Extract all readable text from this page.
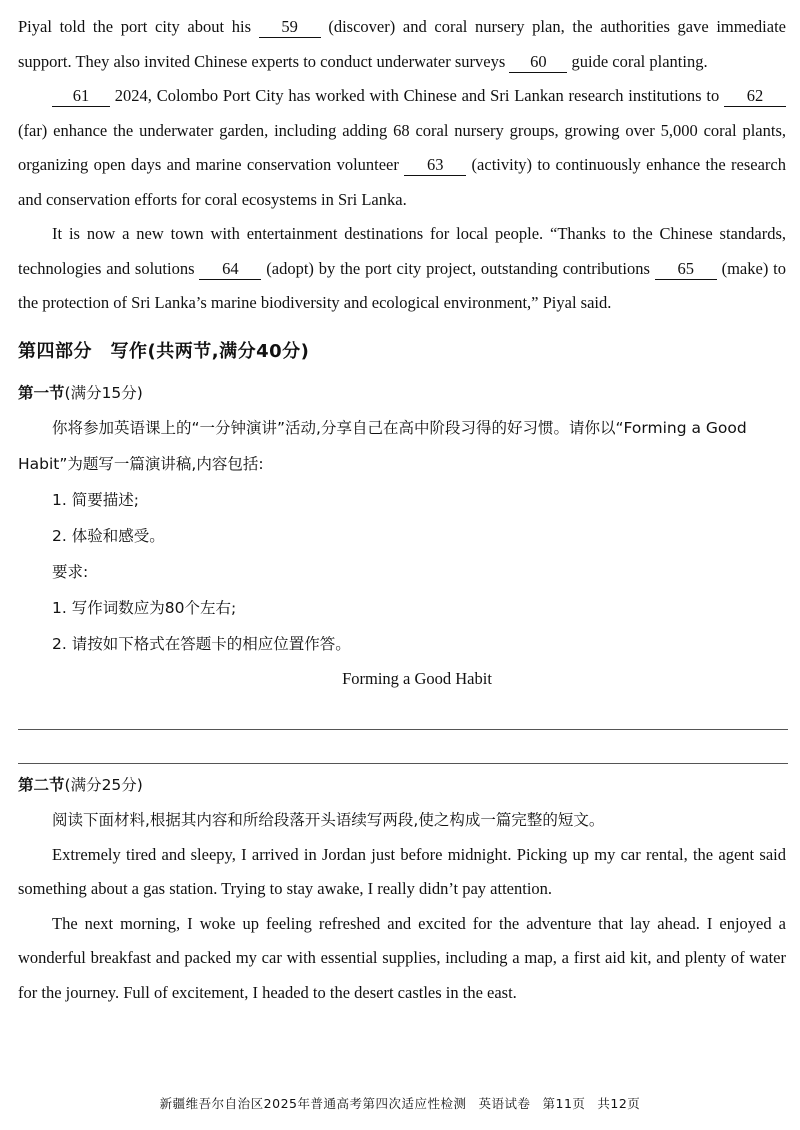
Piyal told the port city about his 59 (discover) and coral nursery plan, the authorities gave immediate support. They also invited Chinese experts to conduct underwater surveys 60 guide coral planting.

61 2024, Colombo Port City has worked with Chinese and Sri Lankan research institutions to 62 (far) enhance the underwater garden, including adding 68 coral nursery groups, growing over 5,000 coral plants, organizing open days and marine conservation volunteer 63 (activity) to continuously enhance the research and conservation efforts for coral ecosystems in Sri Lanka.

It is now a new town with entertainment destinations for local people. “Thanks to the Chinese standards, technologies and solutions 64 (adopt) by the port city project, outstanding contributions 65 (make) to the protection of Sri Lanka’s marine biodiversity and ecological environment,” Piyal said.

第四部分　写作(共两节,满分40分)
第一节(满分15分)

你将参加英语课上的“一分钟演讲”活动,分享自己在高中阶段习得的好习惯。请你以“Forming a Good Habit”为题写一篇演讲稿,内容包括:

1. 简要描述;

2. 体验和感受。

要求:

1. 写作词数应为80个左右;

2. 请按如下格式在答题卡的相应位置作答。

Forming a Good Habit
第二节(满分25分)

阅读下面材料,根据其内容和所给段落开头语续写两段,使之构成一篇完整的短文。

Extremely tired and sleepy, I arrived in Jordan just before midnight. Picking up my car rental, the agent said something about a gas station. Trying to stay awake, I really didn’t pay attention.

The next morning, I woke up feeling refreshed and excited for the adventure that lay ahead. I enjoyed a wonderful breakfast and packed my car with essential supplies, including a map, a first aid kit, and plenty of water for the journey. Full of excitement, I headed to the desert castles in the east.

新疆维吾尔自治区2025年普通高考第四次适应性检测 英语试卷 第11页 共12页
